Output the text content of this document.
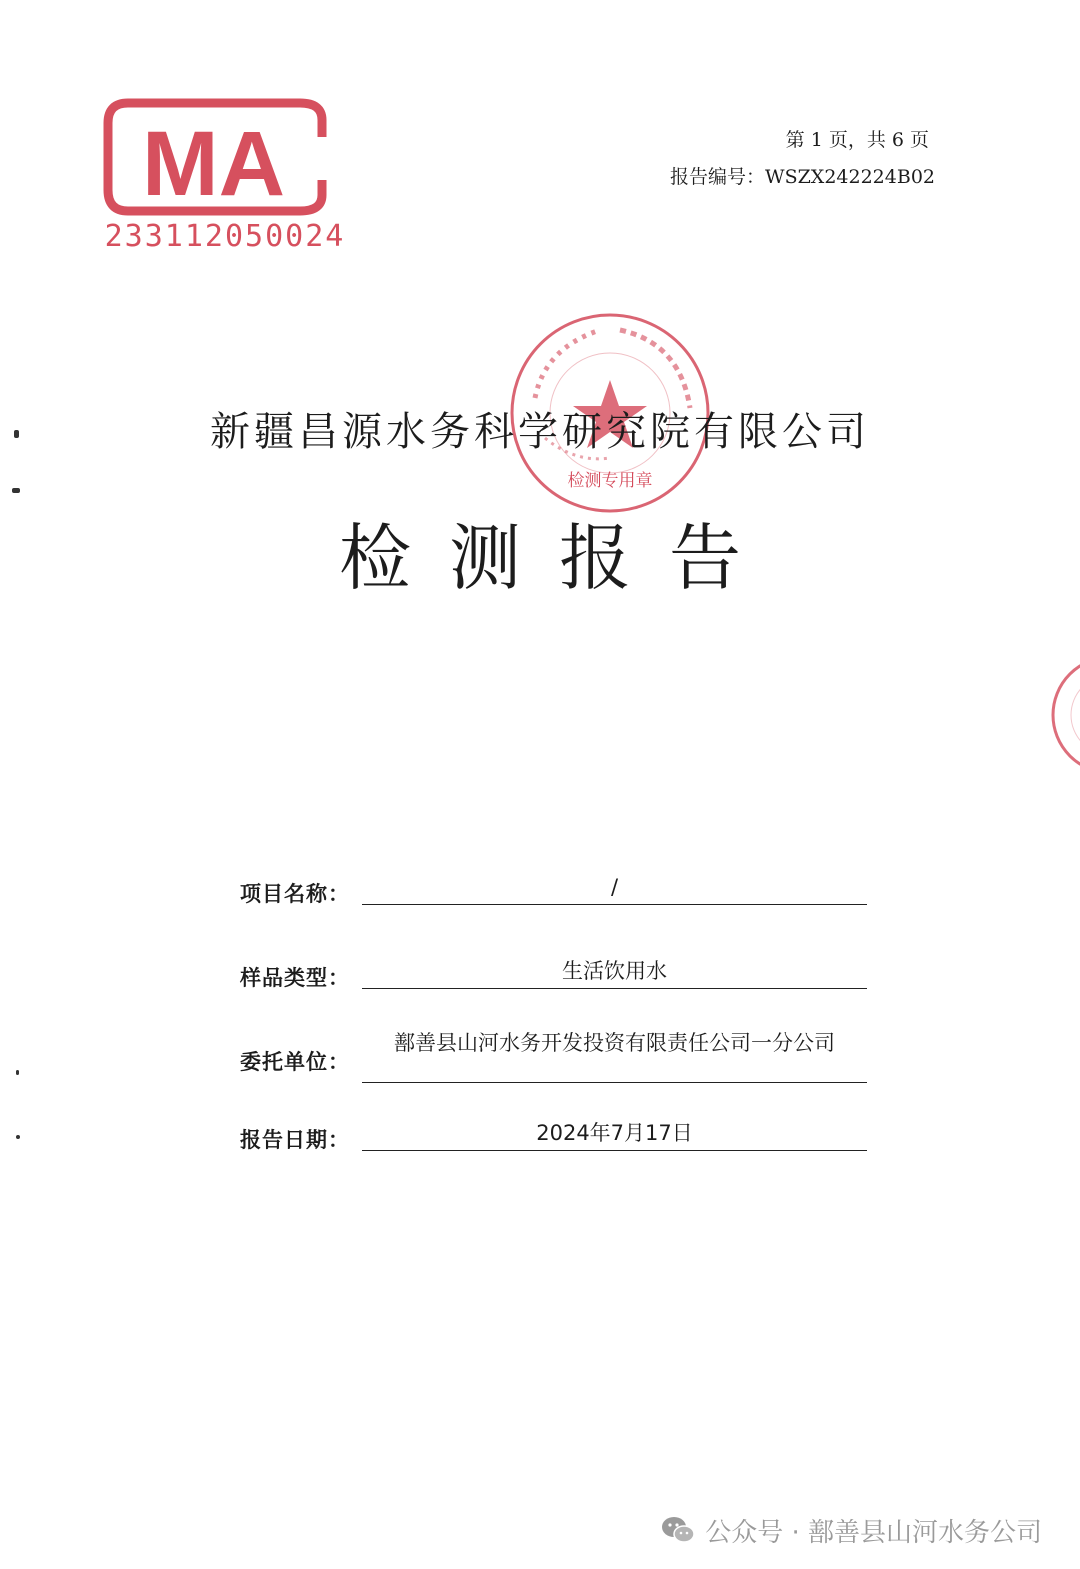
MA
233112050024
第 1 页，共 6 页
报告编号：WSZX242224B02
检测专用章
新疆昌源水务科学研究院有限公司
检测报告
项目名称：	/
样品类型：	生活饮用水
委托单位：
鄯善县山河水务开发投资有限责任公司一分公司
报告日期：	2024年7月17日
公众号 · 鄯善县山河水务公司
